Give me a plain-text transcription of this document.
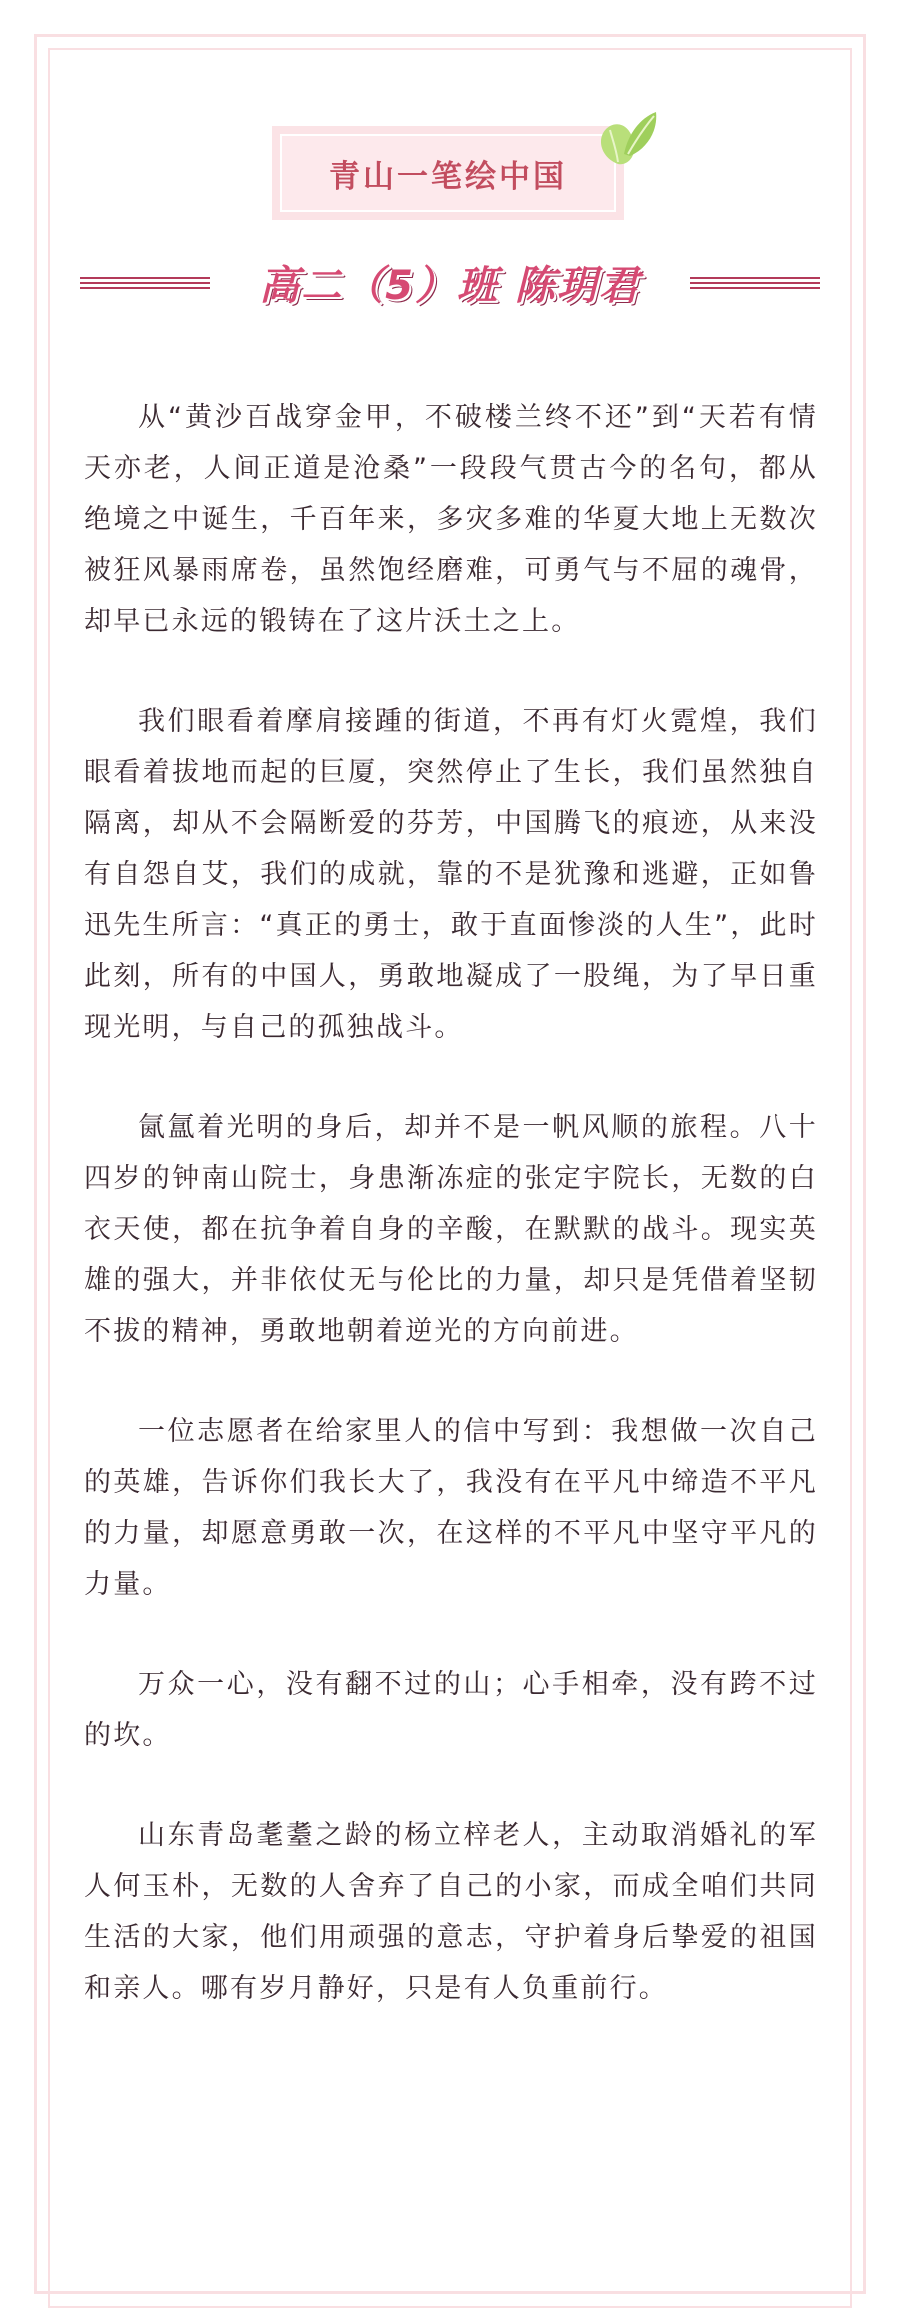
青山一笔绘中国
高二（5）班 陈玥君

从“黄沙百战穿金甲，不破楼兰终不还”到“天若有情天亦老，人间正道是沧桑”一段段气贯古今的名句，都从绝境之中诞生，千百年来，多灾多难的华夏大地上无数次被狂风暴雨席卷，虽然饱经磨难，可勇气与不屈的魂骨，却早已永远的锻铸在了这片沃土之上。

我们眼看着摩肩接踵的街道，不再有灯火霓煌，我们眼看着拔地而起的巨厦，突然停止了生长，我们虽然独自隔离，却从不会隔断爱的芬芳，中国腾飞的痕迹，从来没有自怨自艾，我们的成就，靠的不是犹豫和逃避，正如鲁迅先生所言：“真正的勇士，敢于直面惨淡的人生”，此时此刻，所有的中国人，勇敢地凝成了一股绳，为了早日重现光明，与自己的孤独战斗。

氤氲着光明的身后，却并不是一帆风顺的旅程。八十四岁的钟南山院士，身患渐冻症的张定宇院长，无数的白衣天使，都在抗争着自身的辛酸，在默默的战斗。现实英雄的强大，并非依仗无与伦比的力量，却只是凭借着坚韧不拔的精神，勇敢地朝着逆光的方向前进。

一位志愿者在给家里人的信中写到：我想做一次自己的英雄，告诉你们我长大了，我没有在平凡中缔造不平凡的力量，却愿意勇敢一次，在这样的不平凡中坚守平凡的力量。

万众一心，没有翻不过的山；心手相牵，没有跨不过的坎。

山东青岛耄耋之龄的杨立梓老人，主动取消婚礼的军人何玉朴，无数的人舍弃了自己的小家，而成全咱们共同生活的大家，他们用顽强的意志，守护着身后挚爱的祖国和亲人。哪有岁月静好，只是有人负重前行。
